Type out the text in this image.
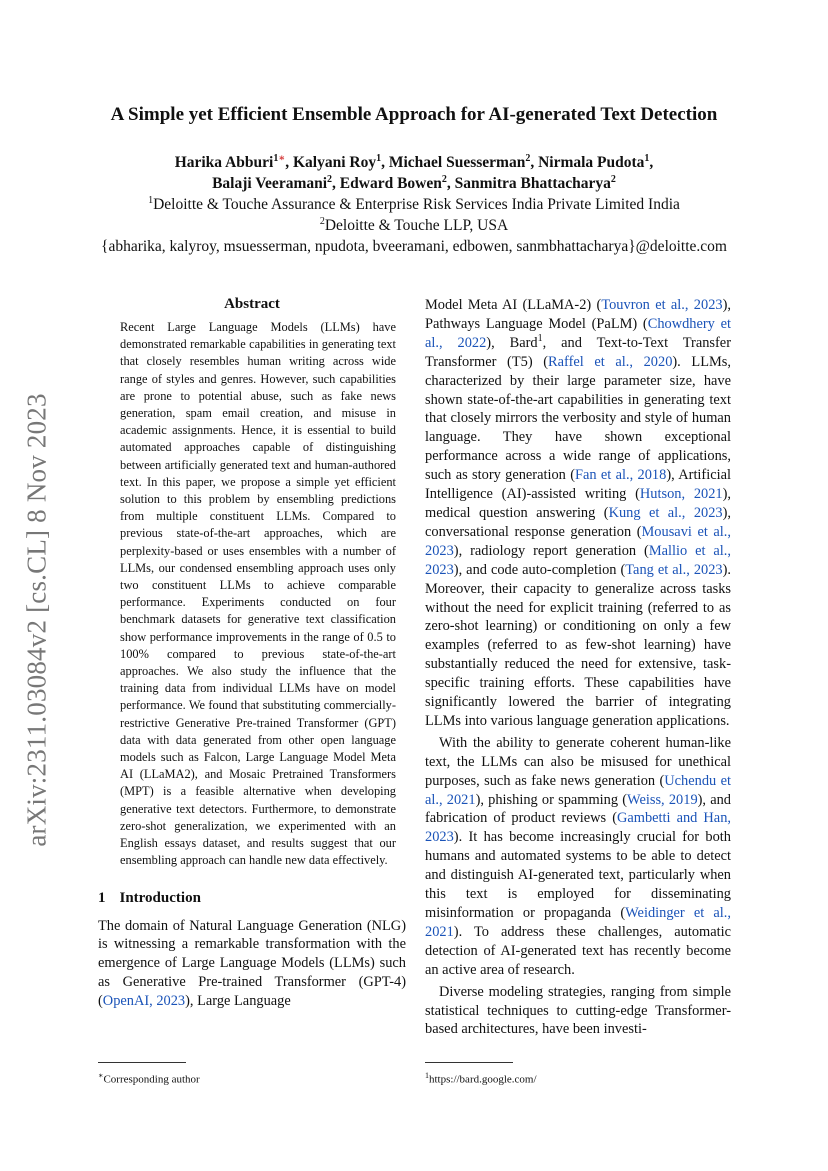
arXiv:2311.03084v2 [cs.CL] 8 Nov 2023
A Simple yet Efficient Ensemble Approach for AI-generated Text Detection
Harika Abburi$^{1∗}$, Kalyani Roy$^1$, Michael Suesserman$^2$, Nirmala Pudota$^1$,
Balaji Veeramani$^2$, Edward Bowen$^2$, Sanmitra Bhattacharya$^2$
$^1$Deloitte & Touche Assurance & Enterprise Risk Services India Private Limited India
$^2$Deloitte & Touche LLP, USA
{abharika, kalyroy, msuesserman, npudota, bveeramani, edbowen, sanmbhattacharya}@deloitte.com
Abstract

Recent Large Language Models (LLMs) have demonstrated remarkable capabilities in generating text that closely resembles human writing across wide range of styles and genres. However, such capabilities are prone to potential abuse, such as fake news generation, spam email creation, and misuse in academic assignments. Hence, it is essential to build automated approaches capable of distinguishing between artificially generated text and human-authored text. In this paper, we propose a simple yet efficient solution to this problem by ensembling predictions from multiple constituent LLMs. Compared to previous state-of-the-art approaches, which are perplexity-based or uses ensembles with a number of LLMs, our condensed ensembling approach uses only two constituent LLMs to achieve comparable performance. Experiments conducted on four benchmark datasets for generative text classification show performance improvements in the range of 0.5 to 100% compared to previous state-of-the-art approaches. We also study the influence that the training data from individual LLMs have on model performance. We found that substituting commercially-restrictive Generative Pre-trained Transformer (GPT) data with data generated from other open language models such as Falcon, Large Language Model Meta AI (LLaMA2), and Mosaic Pretrained Transformers (MPT) is a feasible alternative when developing generative text detectors. Furthermore, to demonstrate zero-shot generalization, we experimented with an English essays dataset, and results suggest that our ensembling approach can handle new data effectively.

1 Introduction

The domain of Natural Language Generation (NLG) is witnessing a remarkable transformation with the emergence of Large Language Models (LLMs) such as Generative Pre-trained Transformer (GPT-4) (OpenAI, 2023), Large Language

Model Meta AI (LLaMA-2) (Touvron et al., 2023), Pathways Language Model (PaLM) (Chowdhery et al., 2022), Bard$^1$, and Text-to-Text Transfer Transformer (T5) (Raffel et al., 2020). LLMs, characterized by their large parameter size, have shown state-of-the-art capabilities in generating text that closely mirrors the verbosity and style of human language. They have shown exceptional performance across a wide range of applications, such as story generation (Fan et al., 2018), Artificial Intelligence (AI)-assisted writing (Hutson, 2021), medical question answering (Kung et al., 2023), conversational response generation (Mousavi et al., 2023), radiology report generation (Mallio et al., 2023), and code auto-completion (Tang et al., 2023). Moreover, their capacity to generalize across tasks without the need for explicit training (referred to as zero-shot learning) or conditioning on only a few examples (referred to as few-shot learning) have substantially reduced the need for extensive, task-specific training efforts. These capabilities have significantly lowered the barrier of integrating LLMs into various language generation applications.

With the ability to generate coherent human-like text, the LLMs can also be misused for unethical purposes, such as fake news generation (Uchendu et al., 2021), phishing or spamming (Weiss, 2019), and fabrication of product reviews (Gambetti and Han, 2023). It has become increasingly crucial for both humans and automated systems to be able to detect and distinguish AI-generated text, particularly when this text is employed for disseminating misinformation or propaganda (Weidinger et al., 2021). To address these challenges, automatic detection of AI-generated text has recently become an active area of research.

Diverse modeling strategies, ranging from simple statistical techniques to cutting-edge Transformer-based architectures, have been investi-

∗Corresponding author	$^1$https://bard.google.com/
